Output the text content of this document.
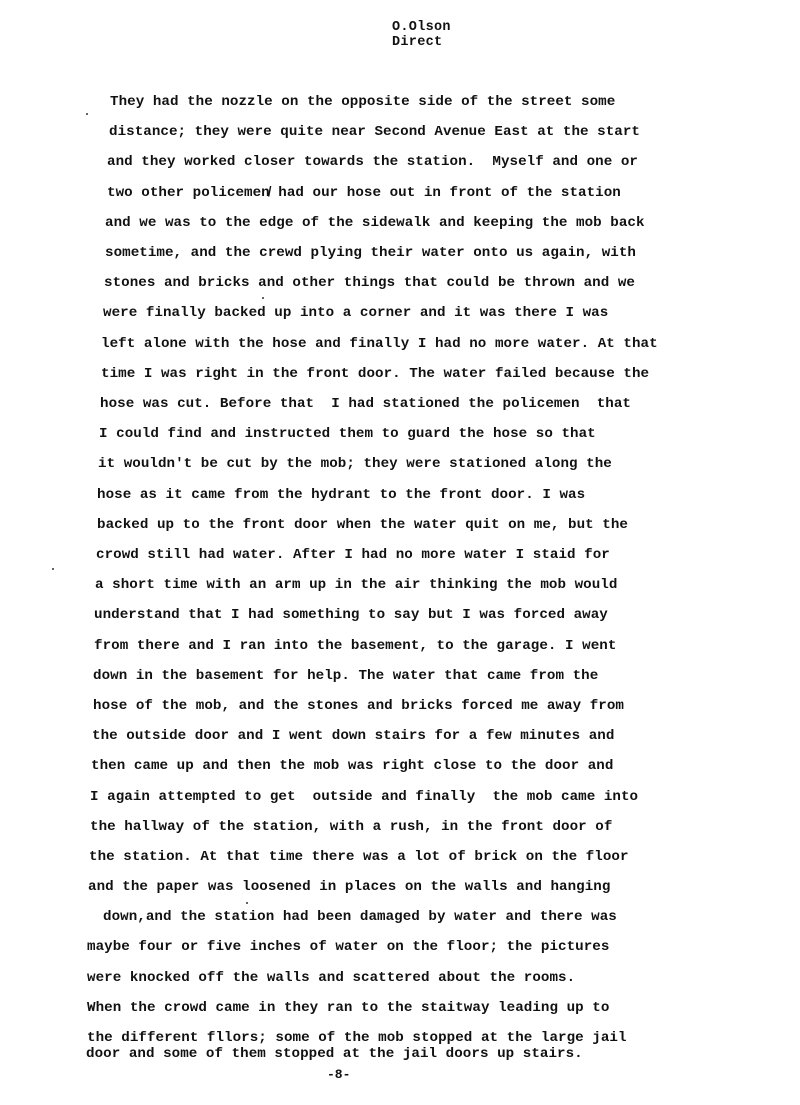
O.Olson
Direct
They had the nozzle on the opposite side of the street some
distance; they were quite near Second Avenue East at the start
and they worked closer towards the station.  Myself and one or
two other policemen̸ had our hose out in front of the station
and we was to the edge of the sidewalk and keeping the mob back
sometime, and the crewd plying their water onto us again, with
stones and bricks and other things that could be thrown and we
were finally backed up into a corner and it was there I was
left alone with the hose and finally I had no more water. At that
time I was right in the front door. The water failed because the
hose was cut. Before that  I had stationed the policemen  that
I could find and instructed them to guard the hose so that
it wouldn't be cut by the mob; they were stationed along the
hose as it came from the hydrant to the front door. I was
backed up to the front door when the water quit on me, but the
crowd still had water. After I had no more water I staid for
a short time with an arm up in the air thinking the mob would
understand that I had something to say but I was forced away
from there and I ran into the basement, to the garage. I went
down in the basement for help. The water that came from the
hose of the mob, and the stones and bricks forced me away from
the outside door and I went down stairs for a few minutes and
then came up and then the mob was right close to the door and
I again attempted to get  outside and finally  the mob came into
the hallway of the station, with a rush, in the front door of
the station. At that time there was a lot of brick on the floor
and the paper was loosened in places on the walls and hanging
down,and the station had been damaged by water and there was
maybe four or five inches of water on the floor; the pictures
were knocked off the walls and scattered about the rooms.
When the crowd came in they ran to the staitway leading up to
the different fllors; some of the mob stopped at the large jail
door and some of them stopped at the jail doors up stairs.
-8-
